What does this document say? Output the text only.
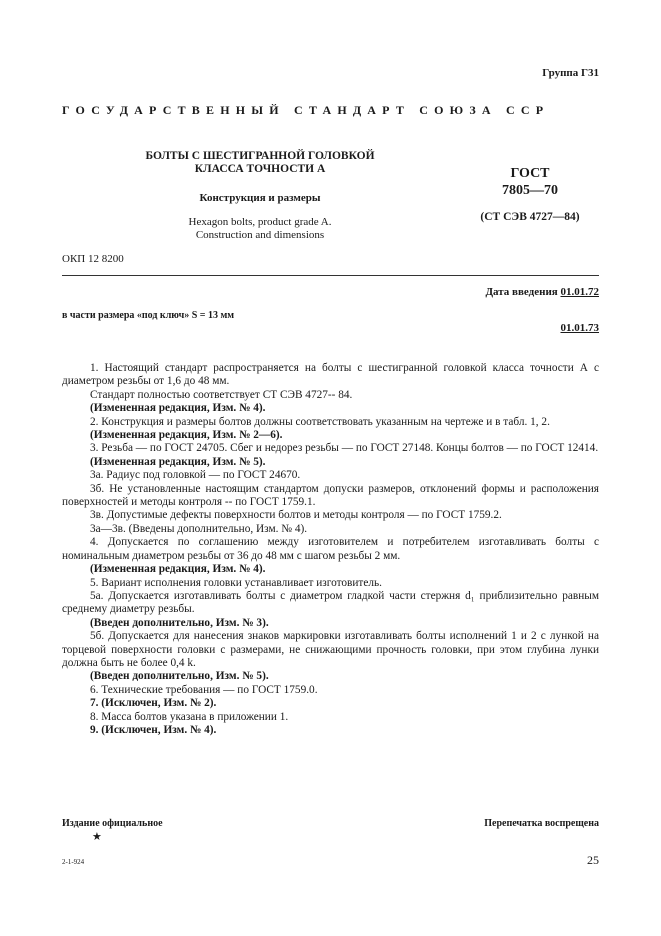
Группа Г31
ГОСУДАРСТВЕННЫЙ СТАНДАРТ СОЮЗА ССР
БОЛТЫ С ШЕСТИГРАННОЙ ГОЛОВКОЙ
КЛАССА ТОЧНОСТИ А
Конструкция и размеры
Hexagon bolts, product grade A.
Construction and dimensions
ГОСТ
7805—70
(СТ СЭВ 4727—84)
ОКП 12 8200
Дата введения 01.01.72
в части размера «под ключ» S = 13 мм
01.01.73

1. Настоящий стандарт распространяется на болты с шестигранной головкой класса точности А с диаметром резьбы от 1,6 до 48 мм.

Стандарт полностью соответствует СТ СЭВ 4727-- 84.

(Измененная редакция, Изм. № 4).

2. Конструкция и размеры болтов должны соответствовать указанным на чертеже и в табл. 1, 2.

(Измененная редакция, Изм. № 2—6).

3. Резьба — по ГОСТ 24705. Сбег и недорез резьбы — по ГОСТ 27148. Концы болтов — по ГОСТ 12414.

(Измененная редакция, Изм. № 5).

3а. Радиус под головкой — по ГОСТ 24670.

3б. Не установленные настоящим стандартом допуски размеров, отклонений формы и расположения поверхностей и методы контроля -- по ГОСТ 1759.1.

3в. Допустимые дефекты поверхности болтов и методы контроля — по ГОСТ 1759.2.

3а—3в. (Введены дополнительно, Изм. № 4).

4. Допускается по соглашению между изготовителем и потребителем изготавливать болты с номинальным диаметром резьбы от 36 до 48 мм с шагом резьбы 2 мм.

(Измененная редакция, Изм. № 4).

5. Вариант исполнения головки устанавливает изготовитель.

5а. Допускается изготавливать болты с диаметром гладкой части стержня d₁ приблизительно равным среднему диаметру резьбы.

(Введен дополнительно, Изм. № 3).

5б. Допускается для нанесения знаков маркировки изготавливать болты исполнений 1 и 2 с лункой на торцевой поверхности головки с размерами, не снижающими прочность головки, при этом глубина лунки должна быть не более 0,4 k.

(Введен дополнительно, Изм. № 5).

6. Технические требования — по ГОСТ 1759.0.

7. (Исключен, Изм. № 2).

8. Масса болтов указана в приложении 1.

9. (Исключен, Изм. № 4).

Издание официальное
★
Перепечатка воспрещена
2-1-924	25
